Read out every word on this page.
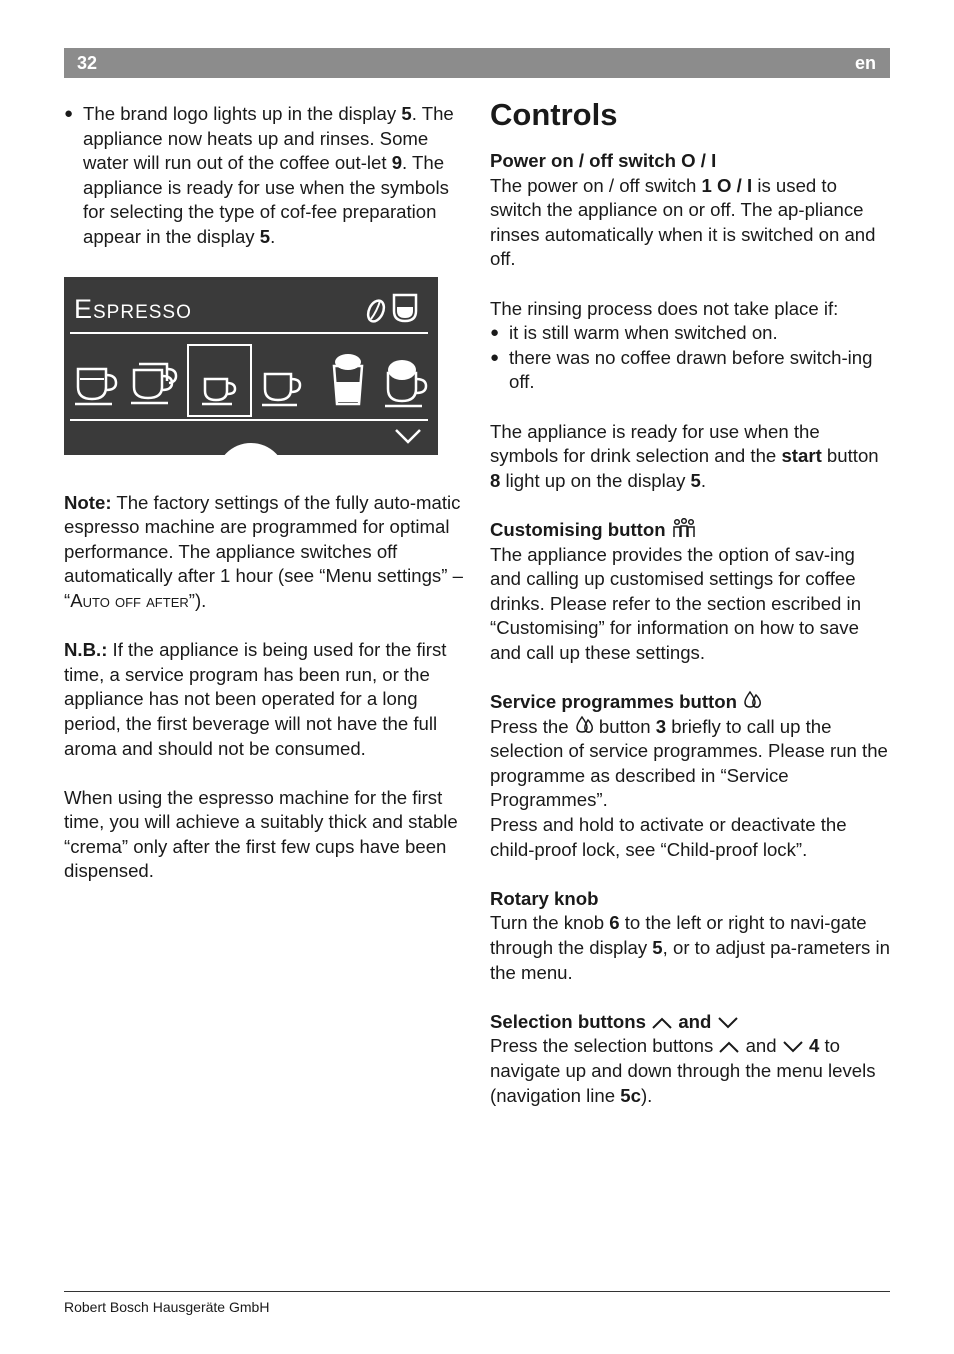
32	en

● The brand logo lights up in the display 5. The appliance now heats up and rinses. Some water will run out of the coffee out-let 9. The appliance is ready for use when the symbols for selecting the type of cof-fee preparation appear in the display 5.

Espresso

Note: The factory settings of the fully auto-matic espresso machine are programmed for optimal performance. The appliance switches off automatically after 1 hour (see “Menu settings” – “Auto off after”).

N.B.: If the appliance is being used for the first time, a service program has been run, or the appliance has not been operated for a long period, the first beverage will not have the full aroma and should not be consumed.

When using the espresso machine for the first time, you will achieve a suitably thick and stable “crema” only after the first few cups have been dispensed.

Controls

Power on / off switch O / I

The power on / off switch 1 O / I is used to switch the appliance on or off. The ap-pliance rinses automatically when it is switched on and off.

The rinsing process does not take place if:

● it is still warm when switched on.

● there was no coffee drawn before switch-ing off.

The appliance is ready for use when the symbols for drink selection and the start button 8 light up on the display 5.

Customising button

The appliance provides the option of sav-ing and calling up customised settings for coffee drinks. Please refer to the section escribed in “Customising” for information on how to save and call up these settings.

Service programmes button

Press the  button 3 briefly to call up the selection of service programmes. Please run the programme as described in “Service Programmes”.

Press and hold to activate or deactivate the child-proof lock, see “Child-proof lock”.

Rotary knob

Turn the knob 6 to the left or right to navi-gate through the display 5, or to adjust pa-rameters in the menu.

Selection buttons  and

Press the selection buttons  and  4 to navigate up and down through the menu levels (navigation line 5c).

Robert Bosch Hausgeräte GmbH
